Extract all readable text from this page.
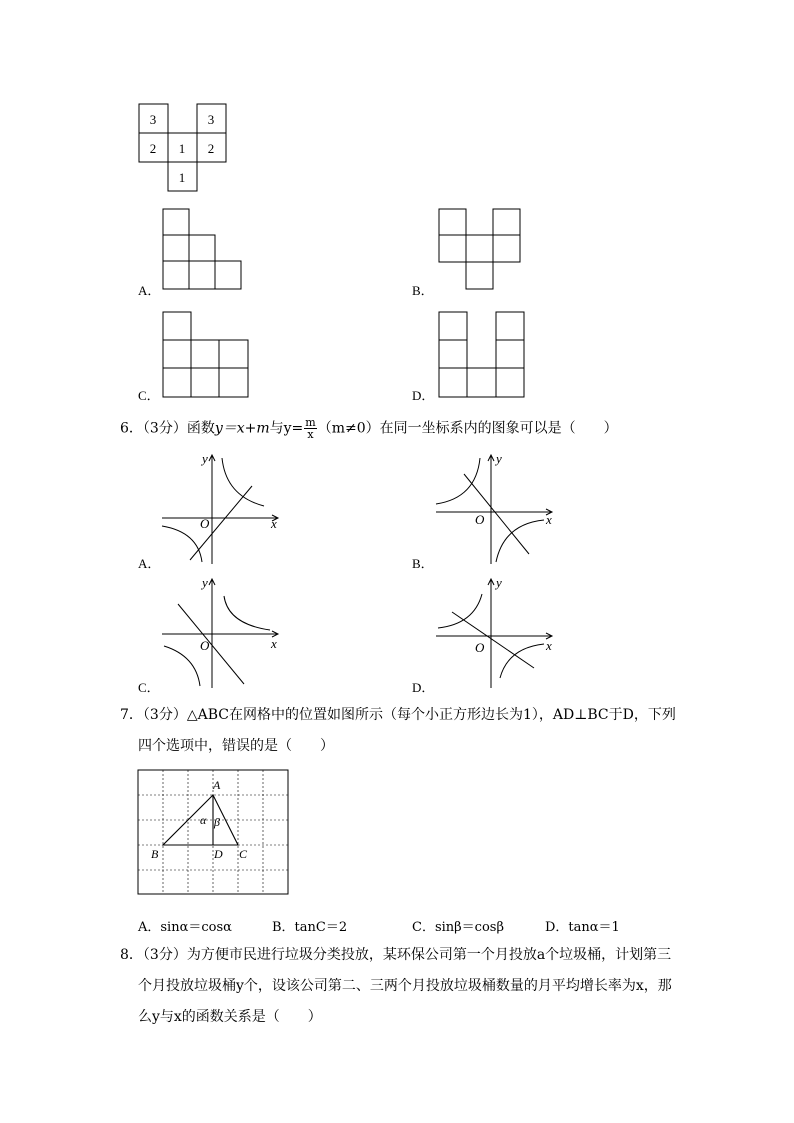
3	3
2 1 2
1
A．	B．
C．	D．
6．（3分）函数y＝x+m与$y= \frac{m}{x} (m\ne 0)$在同一坐标系内的图象可以是（　　）
y
x
O
A．
y
x
O
B．
y
x
O
C．
y
x
O
D．
7．（3分）△ABC在网格中的位置如图所示（每个小正方形边长为1），AD⊥BC于D，下列
四个选项中，错误的是（　　）
A
B	D C
α β
A．sinα＝cosα	B．tanC＝2	C．sinβ＝cosβ	D．tanα＝1
8．（3分）为方便市民进行垃圾分类投放，某环保公司第一个月投放a个垃圾桶，计划第三
个月投放垃圾桶y个，设该公司第二、三两个月投放垃圾桶数量的月平均增长率为x，那
么y与x的函数关系是（　　）
